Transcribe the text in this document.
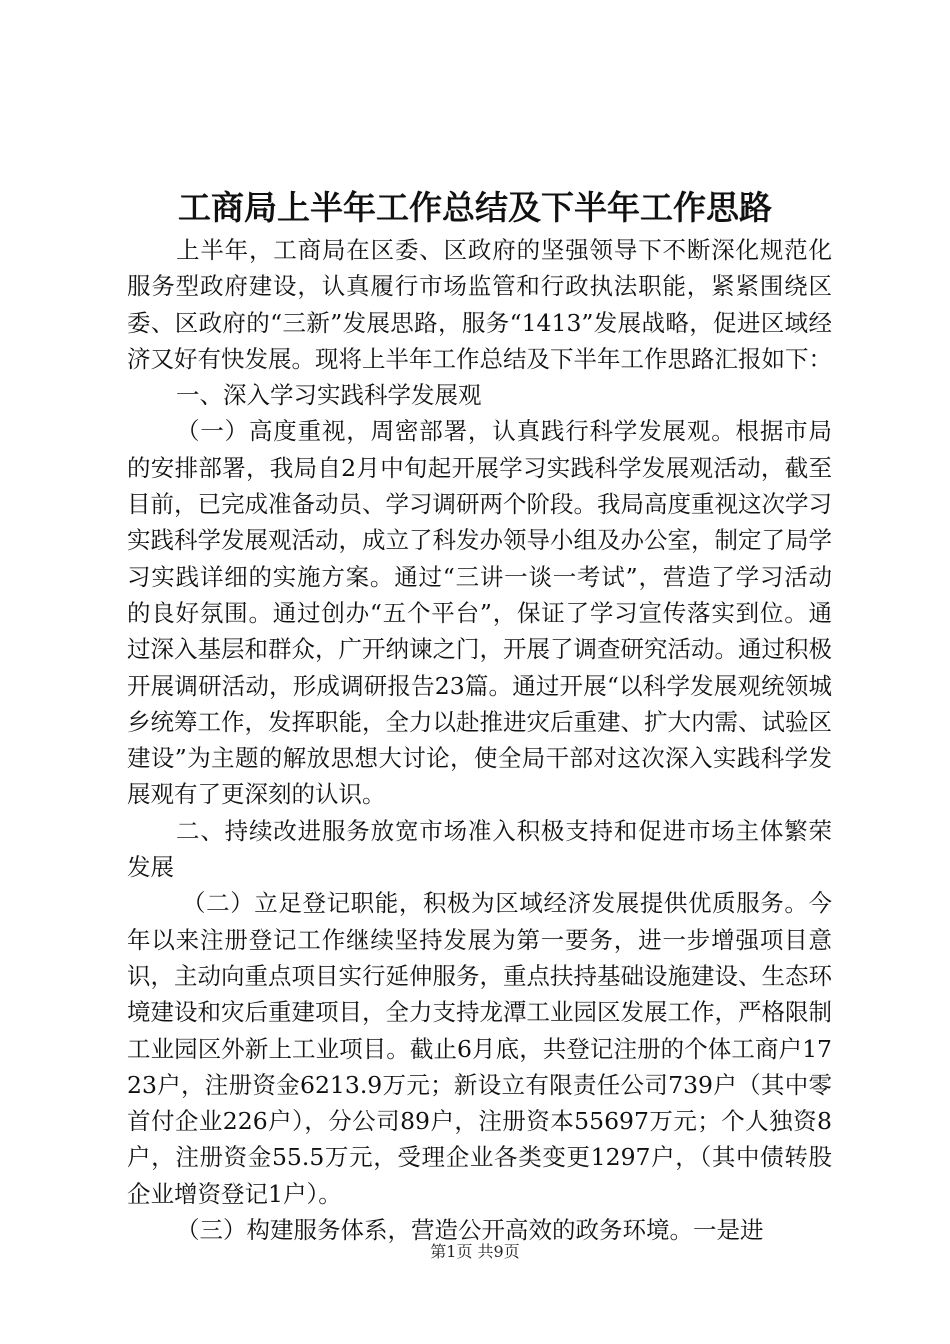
工商局上半年工作总结及下半年工作思路

上半年，工商局在区委、区政府的坚强领导下不断深化规范化服务型政府建设，认真履行市场监管和行政执法职能，紧紧围绕区委、区政府的“三新”发展思路，服务“1413”发展战略，促进区域经济又好有快发展。现将上半年工作总结及下半年工作思路汇报如下：

一、深入学习实践科学发展观

（一）高度重视，周密部署，认真践行科学发展观。根据市局的安排部署，我局自2月中旬起开展学习实践科学发展观活动，截至目前，已完成准备动员、学习调研两个阶段。我局高度重视这次学习实践科学发展观活动，成立了科发办领导小组及办公室，制定了局学习实践详细的实施方案。通过“三讲一谈一考试”，营造了学习活动的良好氛围。通过创办“五个平台”，保证了学习宣传落实到位。通过深入基层和群众，广开纳谏之门，开展了调查研究活动。通过积极开展调研活动，形成调研报告23篇。通过开展“以科学发展观统领城乡统筹工作，发挥职能，全力以赴推进灾后重建、扩大内需、试验区建设”为主题的解放思想大讨论，使全局干部对这次深入实践科学发展观有了更深刻的认识。

二、持续改进服务放宽市场准入积极支持和促进市场主体繁荣发展

（二）立足登记职能，积极为区域经济发展提供优质服务。今年以来注册登记工作继续坚持发展为第一要务，进一步增强项目意识，主动向重点项目实行延伸服务，重点扶持基础设施建设、生态环境建设和灾后重建项目，全力支持龙潭工业园区发展工作，严格限制工业园区外新上工业项目。截止6月底，共登记注册的个体工商户1723户，注册资金6213.9万元；新设立有限责任公司739户（其中零首付企业226户），分公司89户，注册资本55697万元；个人独资8户，注册资金55.5万元，受理企业各类变更1297户，（其中债转股企业增资登记1户）。

（三）构建服务体系，营造公开高效的政务环境。一是进

第1页 共9页
